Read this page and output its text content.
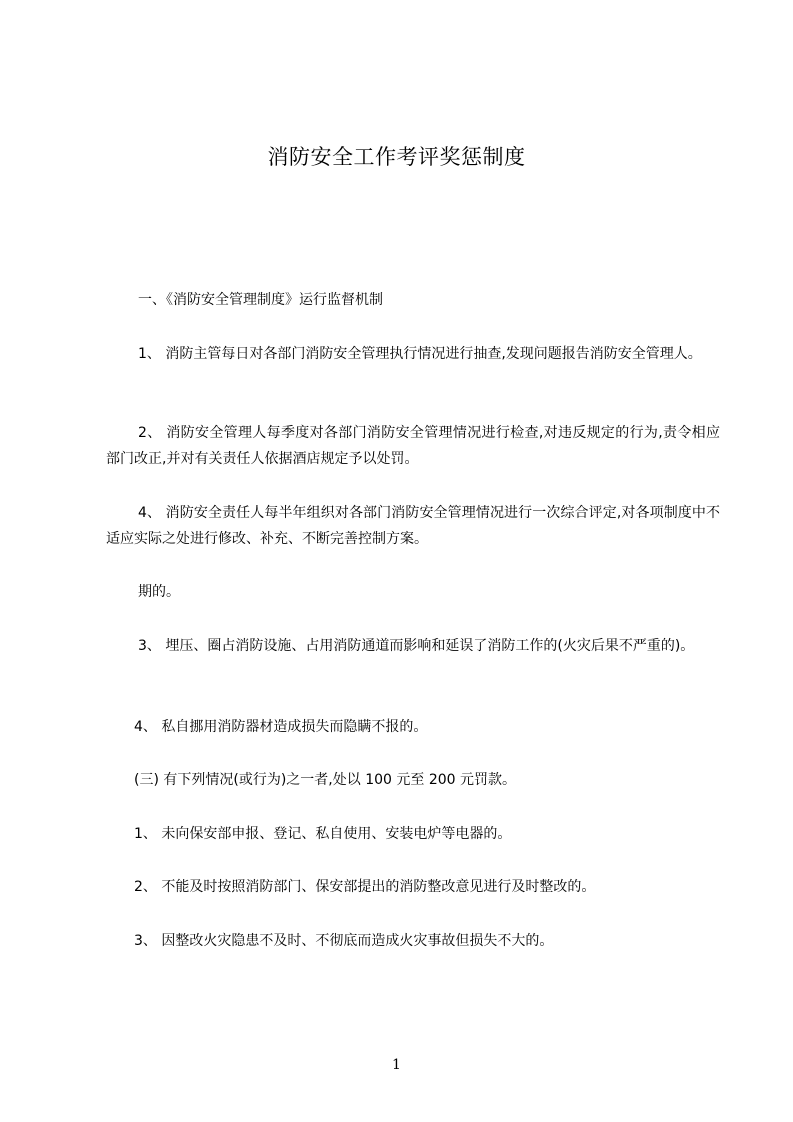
消防安全工作考评奖惩制度

一、《消防安全管理制度》运行监督机制

1、 消防主管每日对各部门消防安全管理执行情况进行抽查,发现问题报告消防安全管理人。

2、 消防安全管理人每季度对各部门消防安全管理情况进行检查,对违反规定的行为,责令相应部门改正,并对有关责任人依据酒店规定予以处罚。

4、 消防安全责任人每半年组织对各部门消防安全管理情况进行一次综合评定,对各项制度中不适应实际之处进行修改、补充、不断完善控制方案。

期的。

3、 埋压、圈占消防设施、占用消防通道而影响和延误了消防工作的(火灾后果不严重的)。

4、 私自挪用消防器材造成损失而隐瞒不报的。

(三) 有下列情况(或行为)之一者,处以 100 元至 200 元罚款。

1、 未向保安部申报、登记、私自使用、安装电炉等电器的。

2、 不能及时按照消防部门、保安部提出的消防整改意见进行及时整改的。

3、 因整改火灾隐患不及时、不彻底而造成火灾事故但损失不大的。

1
